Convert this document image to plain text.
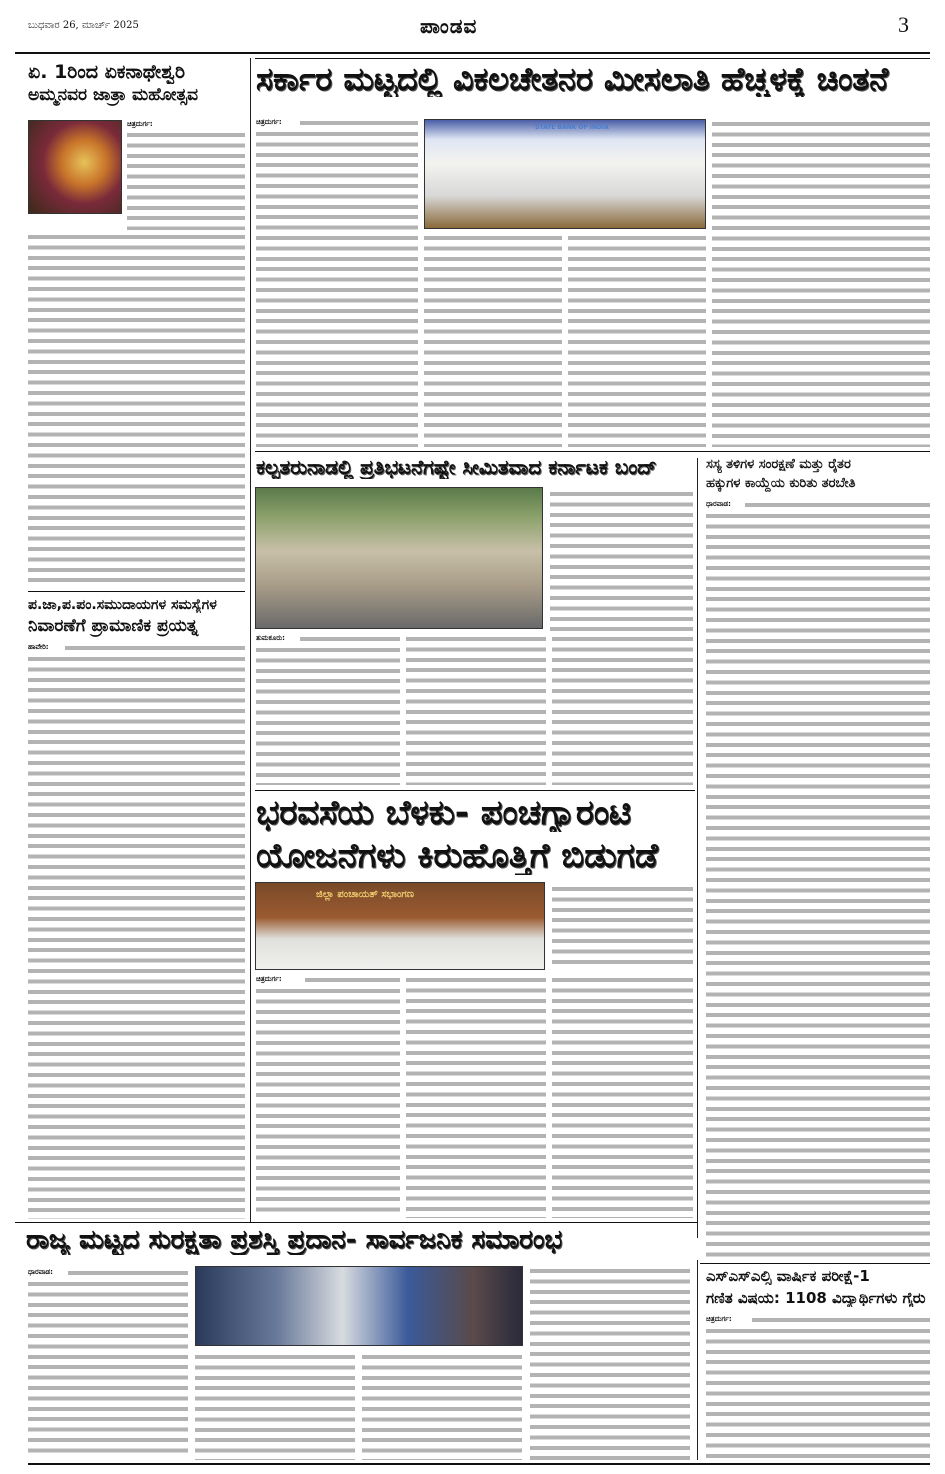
ಬುಧವಾರ 26, ಮಾರ್ಚ್ 2025	ಪಾಂಡವ	3
ಏ. 1ರಿಂದ ಏಕನಾಥೇಶ್ವರಿ
ಅಮ್ಮನವರ ಜಾತ್ರಾ ಮಹೋತ್ಸವ
ಚಿತ್ರದುರ್ಗ:
ಪ.ಜಾ,ಪ.ಪಂ.ಸಮುದಾಯಗಳ ಸಮಸ್ಯೆಗಳ
ನಿವಾರಣೆಗೆ ಪ್ರಾಮಾಣಿಕ ಪ್ರಯತ್ನ
ಹಾವೇರಿ:
ಸರ್ಕಾರ ಮಟ್ಟದಲ್ಲಿ ವಿಕಲಚೇತನರ ಮೀಸಲಾತಿ ಹೆಚ್ಚಳಕ್ಕೆ ಚಿಂತನೆ
ಚಿತ್ರದುರ್ಗ:
STATE BANK OF INDIA
ಕಲ್ಪತರುನಾಡಲ್ಲಿ ಪ್ರತಿಭಟನೆಗಷ್ಟೇ ಸೀಮಿತವಾದ ಕರ್ನಾಟಕ ಬಂದ್
ತುಮಕೂರು:
ಭರವಸೆಯ ಬೆಳಕು- ಪಂಚಗ್ಯಾರಂಟಿ
ಯೋಜನೆಗಳು ಕಿರುಹೊತ್ತಿಗೆ ಬಿಡುಗಡೆ
ಜಿಲ್ಲಾ ಪಂಚಾಯತ್ ಸಭಾಂಗಣ
ಚಿತ್ರದುರ್ಗ:
ಸಸ್ಯ ತಳಿಗಳ ಸಂರಕ್ಷಣೆ ಮತ್ತು ರೈತರ
ಹಕ್ಕುಗಳ ಕಾಯ್ದೆಯ ಕುರಿತು ತರಬೇತಿ
ಧಾರವಾಡ:
ರಾಜ್ಯ ಮಟ್ಟದ ಸುರಕ್ಷತಾ ಪ್ರಶಸ್ತಿ ಪ್ರದಾನ- ಸಾರ್ವಜನಿಕ ಸಮಾರಂಭ
ಧಾರವಾಡ:	ಎಸ್ಎಸ್ಎಲ್ಸಿ ವಾರ್ಷಿಕ ಪರೀಕ್ಷೆ-1
ಗಣಿತ ವಿಷಯ: 1108 ವಿದ್ಯಾರ್ಥಿಗಳು ಗೈರು
ಚಿತ್ರದುರ್ಗ:
